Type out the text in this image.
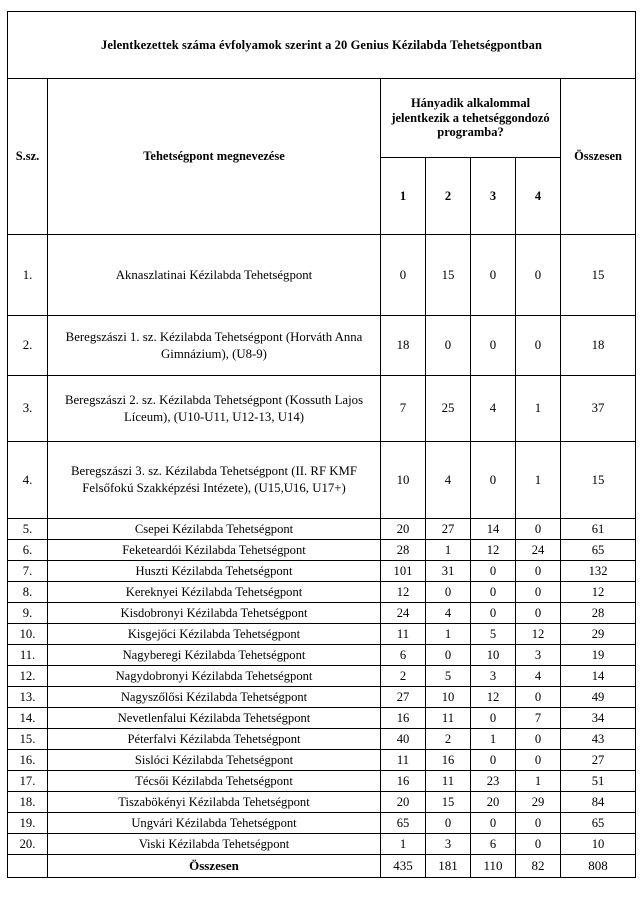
Jelentkezettek száma évfolyamok szerint a 20 Genius Kézilabda Tehetségpontban						
S.sz.	Tehetségpont megnevezése	Hányadik alkalommal jelentkezik a tehetséggondozó programba?				Összesen
		1	2	3	4	
1.	Aknaszlatinai Kézilabda Tehetségpont	0	15	0	0	15
2.	Beregszászi 1. sz. Kézilabda Tehetségpont (Horváth Anna Gimnázium), (U8-9)	18	0	0	0	18
3.	Beregszászi 2. sz. Kézilabda Tehetségpont (Kossuth Lajos Líceum), (U10-U11, U12-13, U14)	7	25	4	1	37
4.	Beregszászi 3. sz. Kézilabda Tehetségpont (II. RF KMF Felsőfokú Szakképzési Intézete), (U15,U16, U17+)	10	4	0	1	15
5.	Csepei Kézilabda Tehetségpont	20	27	14	0	61
6.	Feketeardói Kézilabda Tehetségpont	28	1	12	24	65
7.	Huszti Kézilabda Tehetségpont	101	31	0	0	132
8.	Kereknyei Kézilabda Tehetségpont	12	0	0	0	12
9.	Kisdobronyi Kézilabda Tehetségpont	24	4	0	0	28
10.	Kisgejőci Kézilabda Tehetségpont	11	1	5	12	29
11.	Nagyberegi Kézilabda Tehetségpont	6	0	10	3	19
12.	Nagydobronyi Kézilabda Tehetségpont	2	5	3	4	14
13.	Nagyszőlősi Kézilabda Tehetségpont	27	10	12	0	49
14.	Nevetlenfalui Kézilabda Tehetségpont	16	11	0	7	34
15.	Péterfalvi Kézilabda Tehetségpont	40	2	1	0	43
16.	Sislóci Kézilabda Tehetségpont	11	16	0	0	27
17.	Técsői Kézilabda Tehetségpont	16	11	23	1	51
18.	Tiszabökényi Kézilabda Tehetségpont	20	15	20	29	84
19.	Ungvári Kézilabda Tehetségpont	65	0	0	0	65
20.	Viski Kézilabda Tehetségpont	1	3	6	0	10
	Összesen	435	181	110	82	808
